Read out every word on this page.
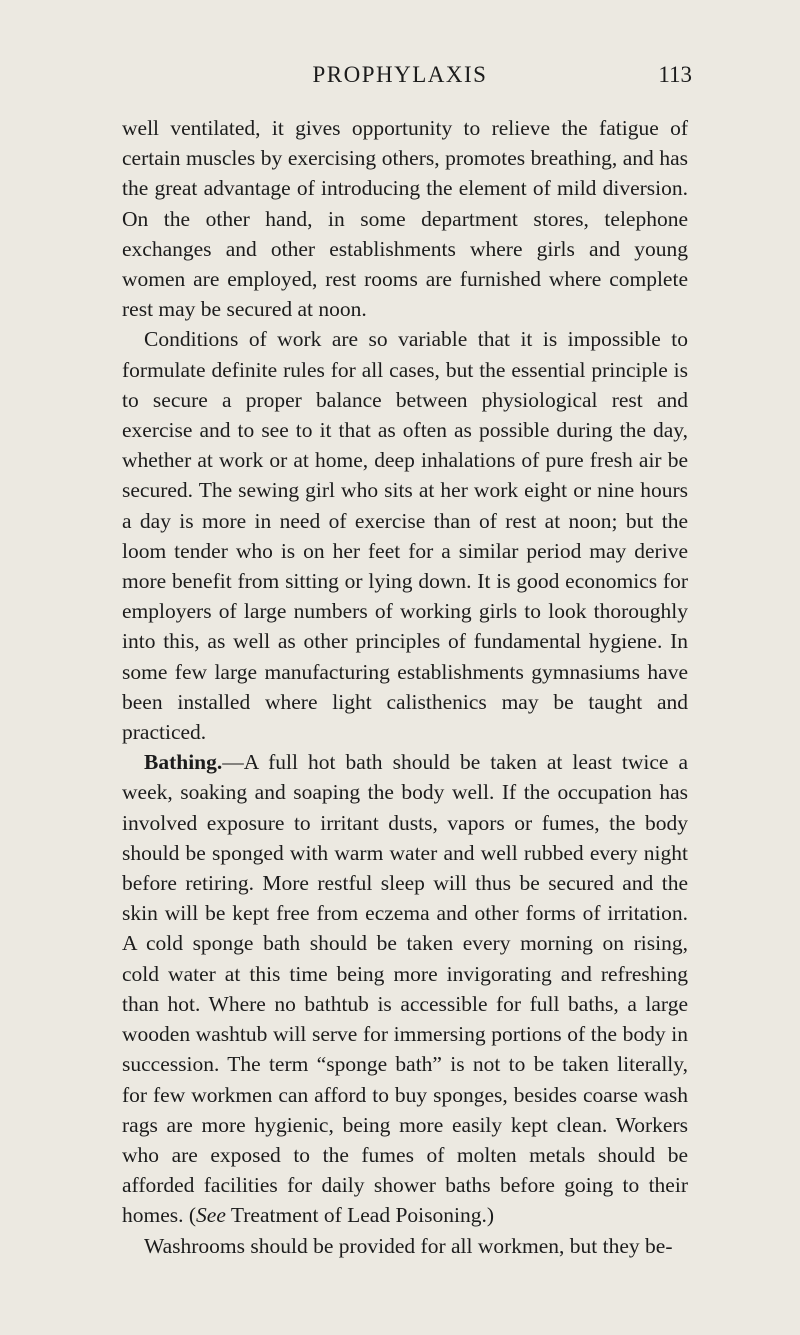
PROPHYLAXIS	113

well ventilated, it gives opportunity to relieve the fatigue of certain muscles by exercising others, promotes breathing, and has the great advantage of introducing the element of mild diversion. On the other hand, in some department stores, telephone exchanges and other establishments where girls and young women are employed, rest rooms are furnished where complete rest may be secured at noon.

Conditions of work are so variable that it is impossible to formulate definite rules for all cases, but the essential principle is to secure a proper balance between physiological rest and exercise and to see to it that as often as possible during the day, whether at work or at home, deep inhalations of pure fresh air be secured. The sewing girl who sits at her work eight or nine hours a day is more in need of exercise than of rest at noon; but the loom tender who is on her feet for a similar period may derive more benefit from sitting or lying down. It is good economics for employers of large numbers of working girls to look thoroughly into this, as well as other principles of fundamental hygiene. In some few large manufacturing establishments gymnasiums have been installed where light calisthenics may be taught and practiced.

Bathing.—A full hot bath should be taken at least twice a week, soaking and soaping the body well. If the occupation has involved exposure to irritant dusts, vapors or fumes, the body should be sponged with warm water and well rubbed every night before retiring. More restful sleep will thus be secured and the skin will be kept free from eczema and other forms of irritation. A cold sponge bath should be taken every morning on rising, cold water at this time being more invigorating and refreshing than hot. Where no bathtub is accessible for full baths, a large wooden washtub will serve for immersing portions of the body in succession. The term “sponge bath” is not to be taken literally, for few workmen can afford to buy sponges, besides coarse wash rags are more hygienic, being more easily kept clean. Workers who are exposed to the fumes of molten metals should be afforded facilities for daily shower baths before going to their homes. (See Treatment of Lead Poisoning.)

Washrooms should be provided for all workmen, but they be-
